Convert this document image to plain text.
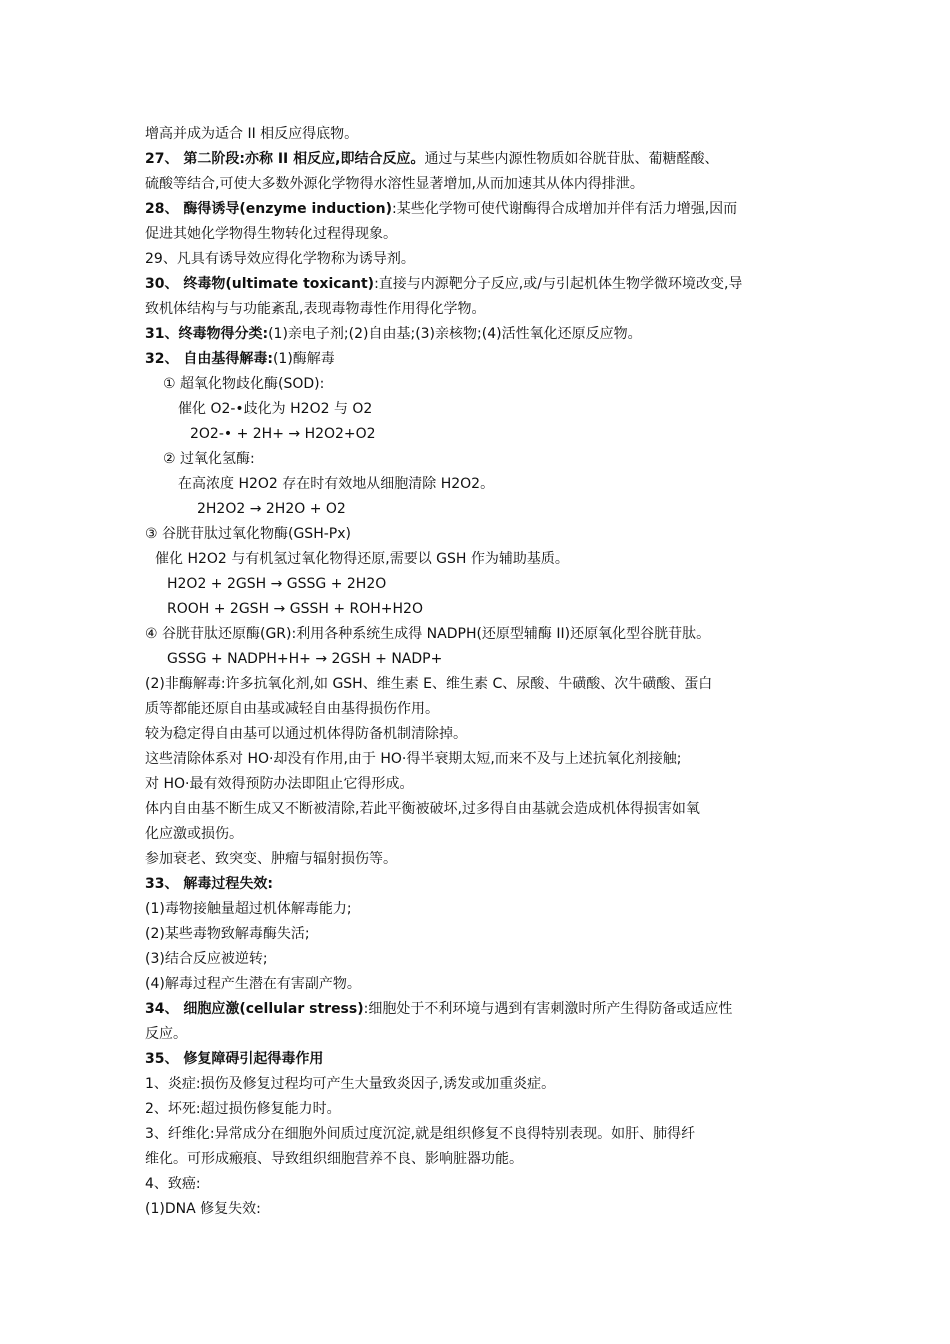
增高并成为适合 II 相反应得底物。
27、 第二阶段:亦称 II 相反应,即结合反应。通过与某些内源性物质如谷胱苷肽、葡糖醛酸、
硫酸等结合,可使大多数外源化学物得水溶性显著增加,从而加速其从体内得排泄。
28、 酶得诱导(enzyme induction):某些化学物可使代谢酶得合成增加并伴有活力增强,因而
促进其她化学物得生物转化过程得现象。
29、凡具有诱导效应得化学物称为诱导剂。
30、 终毒物(ultimate toxicant):直接与内源靶分子反应,或/与引起机体生物学微环境改变,导
致机体结构与与功能紊乱,表现毒物毒性作用得化学物。
31、终毒物得分类:(1)亲电子剂;(2)自由基;(3)亲核物;(4)活性氧化还原反应物。
32、 自由基得解毒:(1)酶解毒
① 超氧化物歧化酶(SOD):
催化 O2-•歧化为 H2O2 与 O2
2O2-• + 2H+ → H2O2+O2
② 过氧化氢酶:
在高浓度 H2O2 存在时有效地从细胞清除 H2O2。
2H2O2 → 2H2O + O2
③ 谷胱苷肽过氧化物酶(GSH-Px)
催化 H2O2 与有机氢过氧化物得还原,需要以 GSH 作为辅助基质。
H2O2 + 2GSH → GSSG + 2H2O
ROOH + 2GSH → GSSH + ROH+H2O
④ 谷胱苷肽还原酶(GR):利用各种系统生成得 NADPH(还原型辅酶 II)还原氧化型谷胱苷肽。
GSSG + NADPH+H+ → 2GSH + NADP+
(2)非酶解毒:许多抗氧化剂,如 GSH、维生素 E、维生素 C、尿酸、牛磺酸、次牛磺酸、蛋白
质等都能还原自由基或减轻自由基得损伤作用。
较为稳定得自由基可以通过机体得防备机制清除掉。
这些清除体系对 HO·却没有作用,由于 HO·得半衰期太短,而来不及与上述抗氧化剂接触;
对 HO·最有效得预防办法即阻止它得形成。
体内自由基不断生成又不断被清除,若此平衡被破坏,过多得自由基就会造成机体得损害如氧
化应激或损伤。
参加衰老、致突变、肿瘤与辐射损伤等。
33、 解毒过程失效:
(1)毒物接触量超过机体解毒能力;
(2)某些毒物致解毒酶失活;
(3)结合反应被逆转;
(4)解毒过程产生潜在有害副产物。
34、 细胞应激(cellular stress):细胞处于不利环境与遇到有害刺激时所产生得防备或适应性
反应。
35、 修复障碍引起得毒作用
1、炎症:损伤及修复过程均可产生大量致炎因子,诱发或加重炎症。
2、坏死:超过损伤修复能力时。
3、纤维化:异常成分在细胞外间质过度沉淀,就是组织修复不良得特别表现。如肝、肺得纤
维化。可形成瘢痕、导致组织细胞营养不良、影响脏器功能。
4、致癌:
(1)DNA 修复失效:
